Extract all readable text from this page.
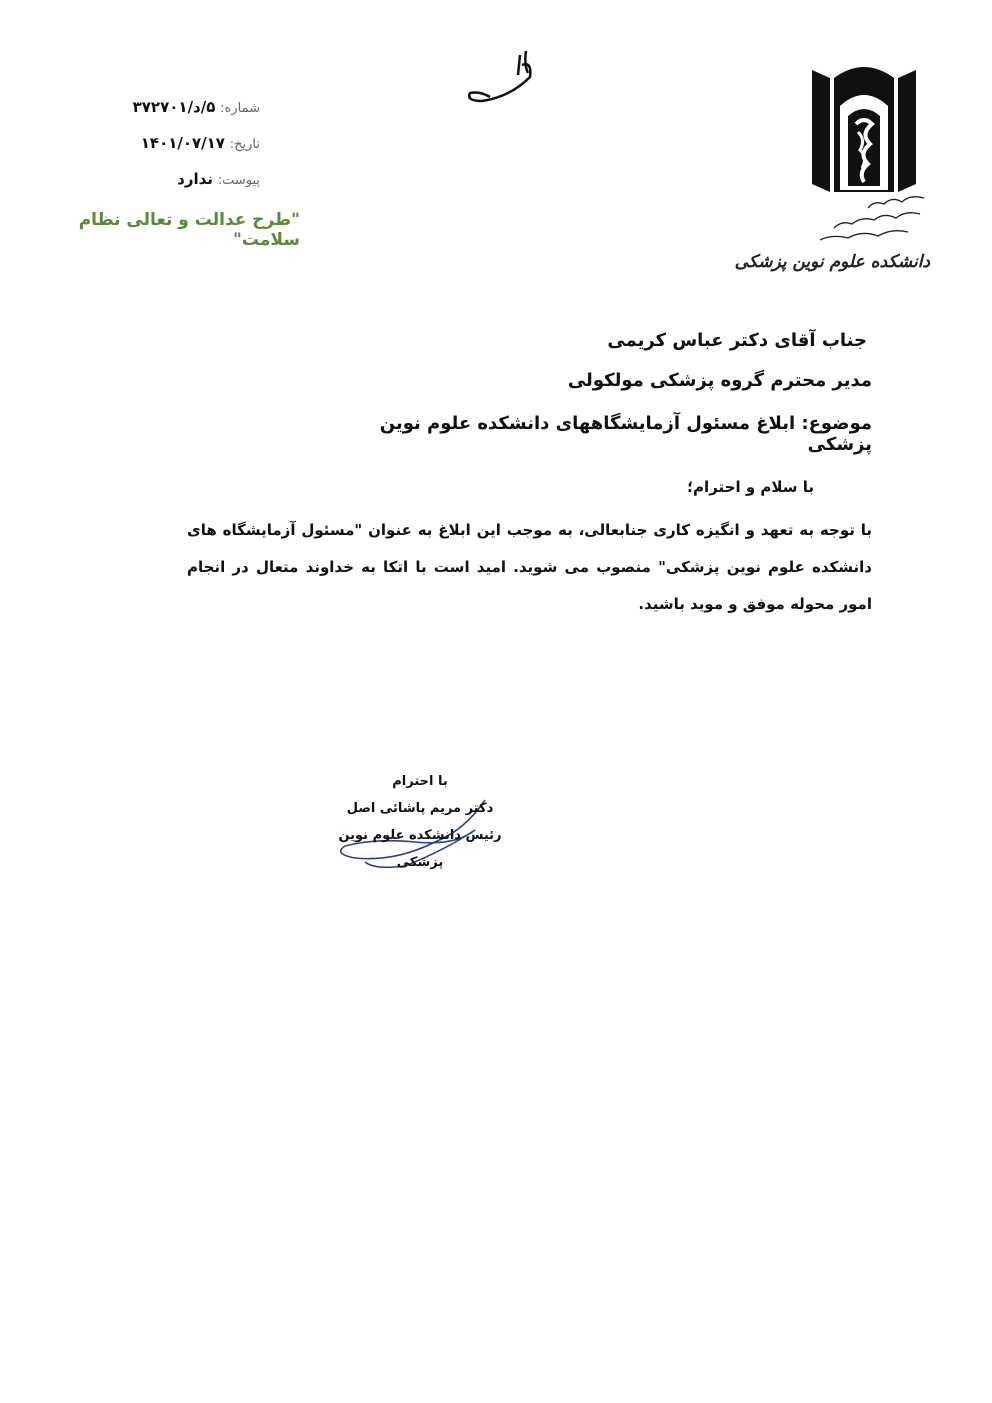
دانشکده علوم نوین پزشکی
شماره: ۵/د/۳۷۲۷۰۱
تاریخ: ۱۴۰۱/۰۷/۱۷
پیوست: ندارد
"طرح عدالت و تعالی نظام سلامت"
جناب آقای دکتر عباس کریمی
مدیر محترم گروه پزشکی مولکولی
موضوع: ابلاغ مسئول آزمایشگاههای دانشکده علوم نوین پزشکی
با سلام و احترام؛
با توجه به تعهد و انگیزه کاری جنابعالی، به موجب این ابلاغ به عنوان "مسئول آزمایشگاه های دانشکده علوم نوین پزشکی" منصوب می شوید. امید است با اتکا به خداوند متعال در انجام امور محوله موفق و موید باشید.
با احترام
دکتر مریم پاشائی اصل
رئیس دانشکده علوم نوین پزشکی
